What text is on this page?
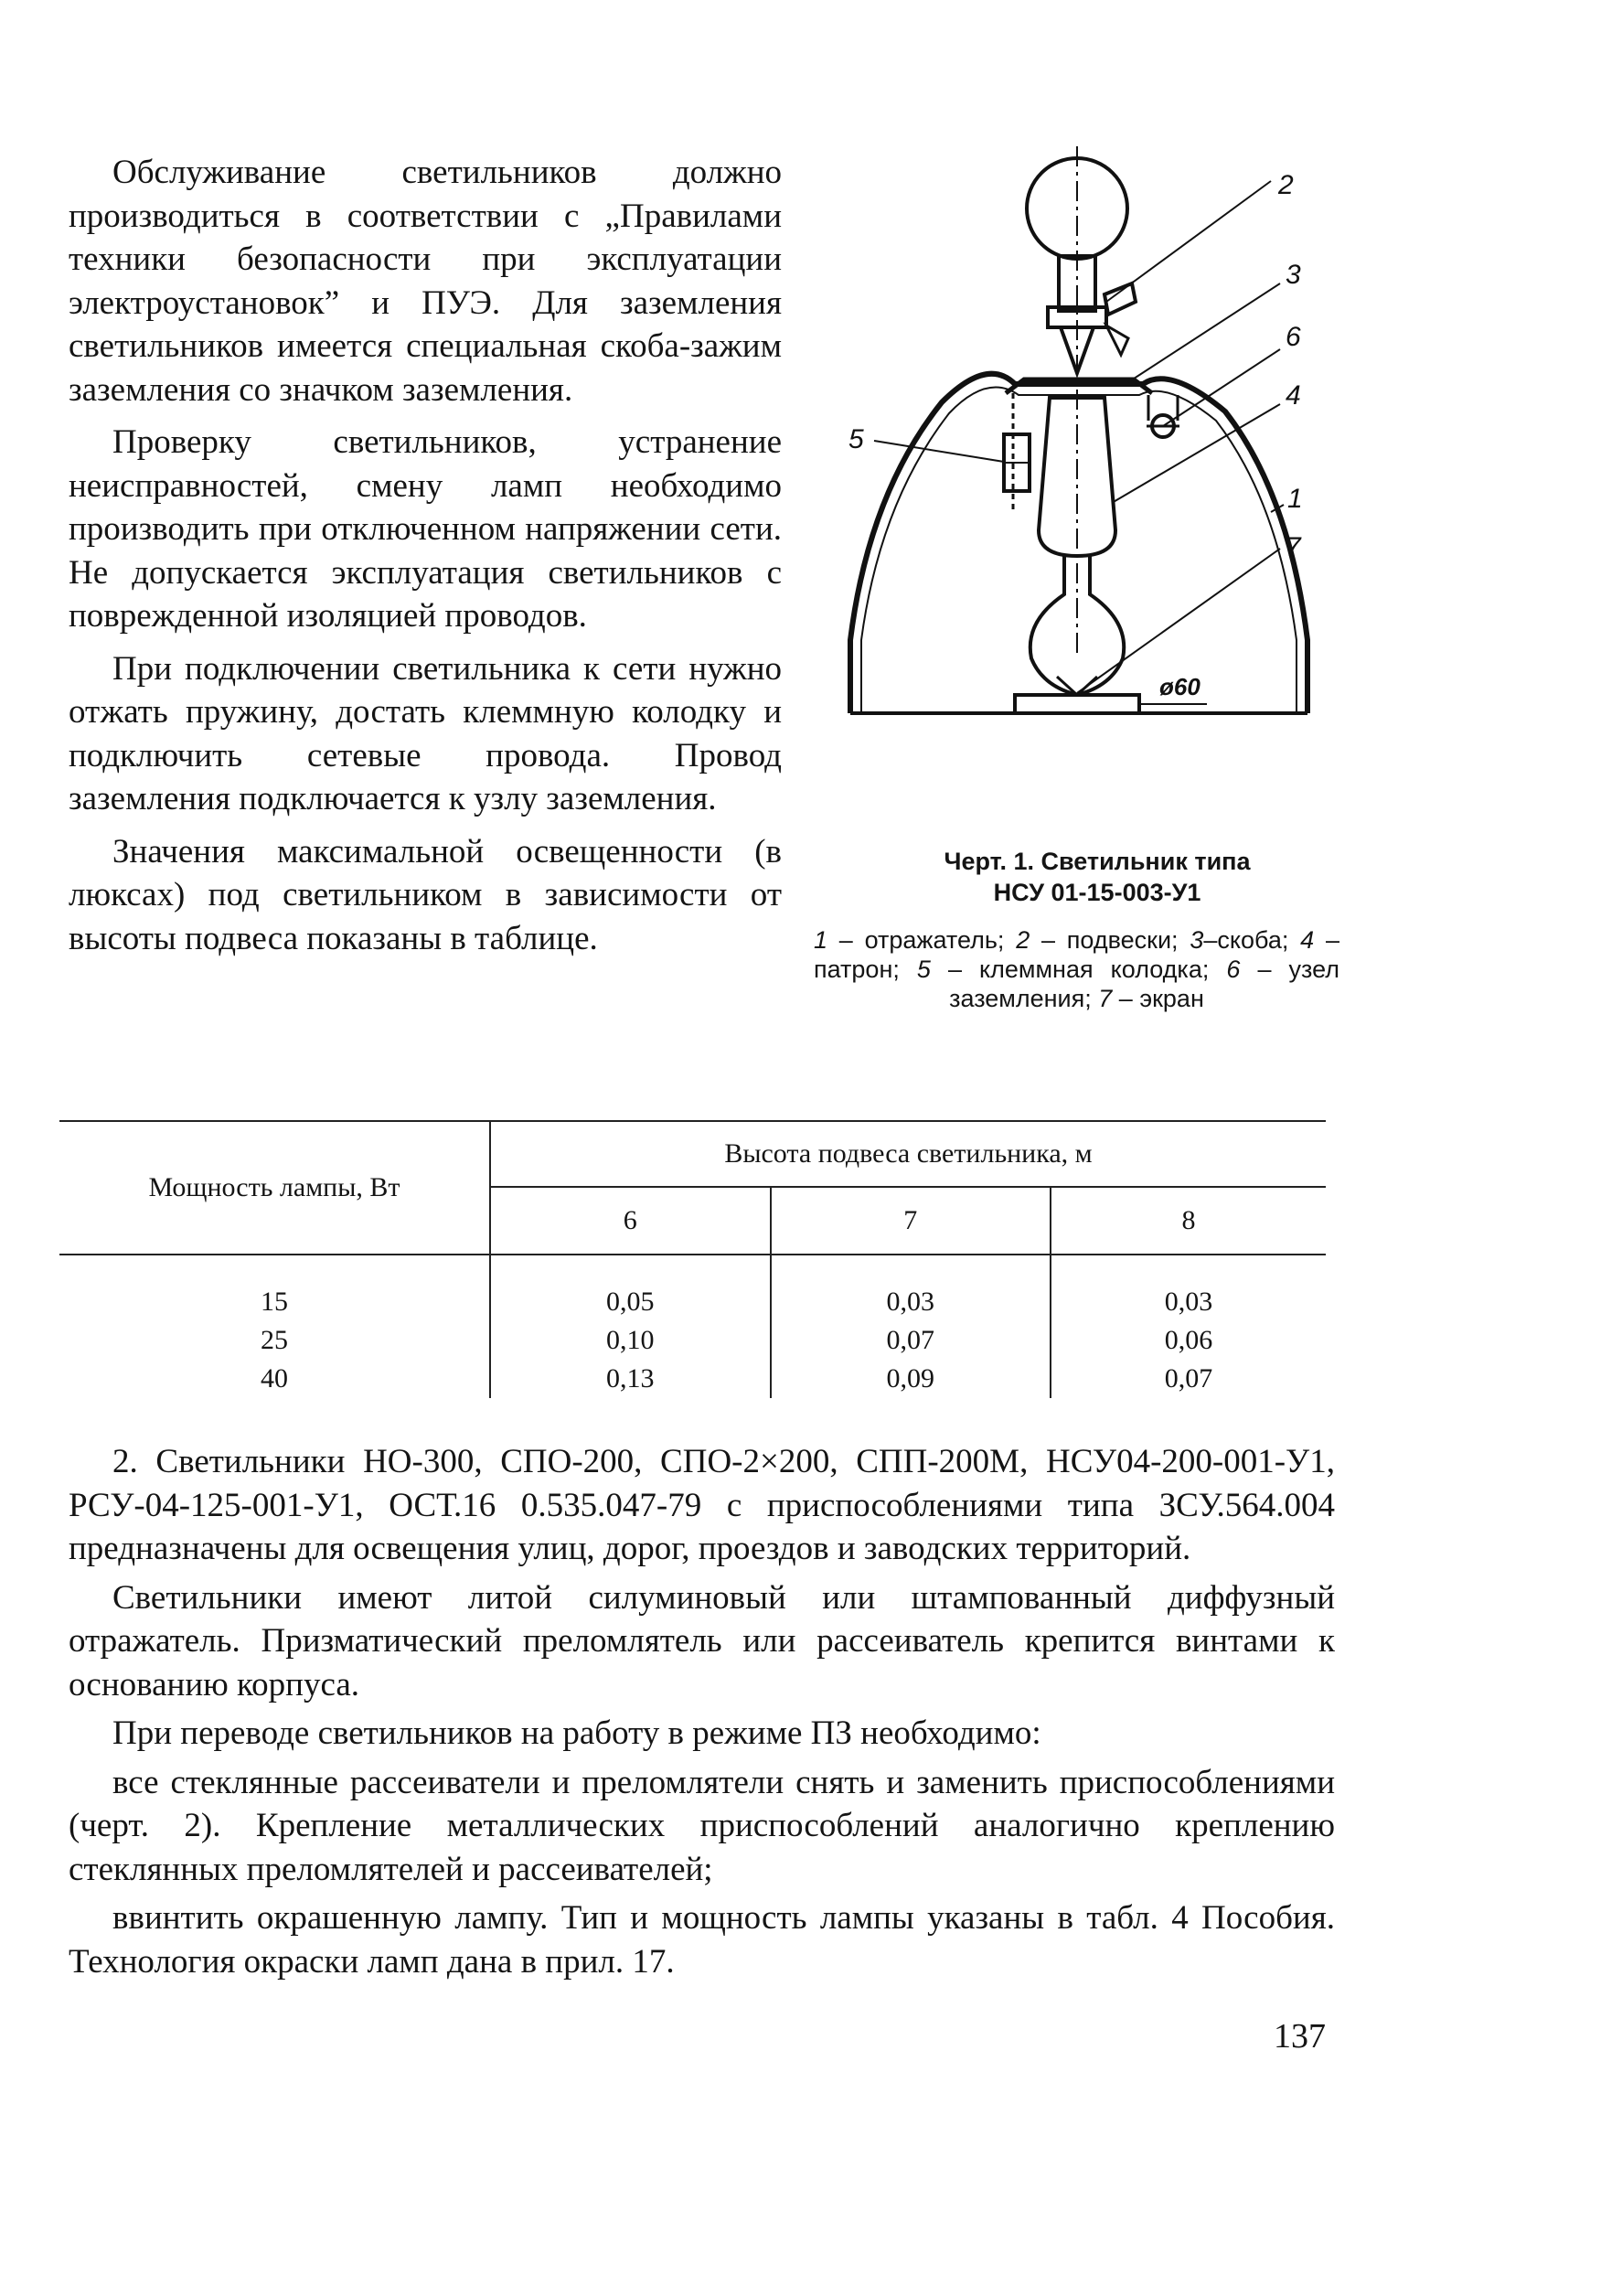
Обслуживание светильников должно производиться в соответствии с „Правилами техники безопасности при эксплуатации электроустановок” и ПУЭ. Для заземления светильников имеется специальная скоба-зажим заземления со значком заземления.

Проверку светильников, устранение неисправностей, смену ламп необходимо производить при отключенном напряжении сети. Не допускается эксплуатация светильников с поврежденной изоляцией проводов.

При подключении светильника к сети нужно отжать пружину, достать клеммную колодку и подключить сетевые провода. Провод заземления подключается к узлу заземления.

Значения максимальной освещенности (в люксах) под светильником в зависимости от высоты подвеса показаны в таблице.

ø60
2
3
6
4
1
7
5
Черт. 1. Светильник типа
НСУ 01-15-003-У1
1 – отражатель; 2 – подвески; 3–скоба; 4 – патрон; 5 – клеммная колодка; 6 – узел заземления; 7 – экран
Мощность лампы, Вт	Высота подвеса светильника, м		
	6	7	8
15	0,05	0,03	0,03
25	0,10	0,07	0,06
40	0,13	0,09	0,07

2. Светильники НО-300, СПО-200, СПО-2×200, СПП-200М, НСУ04-200-001-У1, РСУ-04-125-001-У1, ОСТ.16 0.535.047-79 с приспособлениями типа ЗСУ.564.004 предназначены для освещения улиц, дорог, проездов и заводских территорий.

Светильники имеют литой силуминовый или штампованный диффузный отражатель. Призматический преломлятель или рассеиватель крепится винтами к основанию корпуса.

При переводе светильников на работу в режиме ПЗ необходимо:

все стеклянные рассеиватели и преломлятели снять и заменить приспособлениями (черт. 2). Крепление металлических приспособлений аналогично креплению стеклянных преломлятелей и рассеивателей;

ввинтить окрашенную лампу. Тип и мощность лампы указаны в табл. 4 Пособия. Технология окраски ламп дана в прил. 17.

137
